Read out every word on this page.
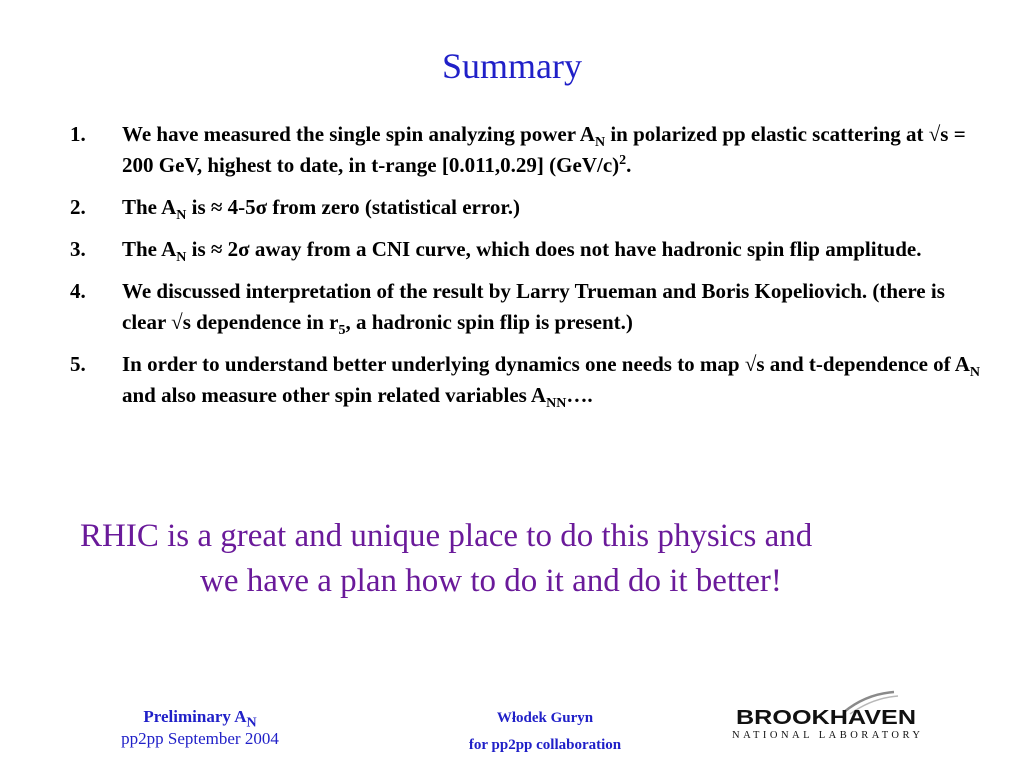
Summary
1.	We have measured the single spin analyzing power $A_N$ in polarized pp elastic scattering at √s = 200 GeV, highest to date, in t-range [0.011,0.29] $(GeV/c)^2$.
2.	The $A_N$ is ≈ 4-5σ from zero (statistical error.)
3.	The $A_N$ is ≈ 2σ away from a CNI curve, which does not have hadronic spin flip amplitude.
4.	We discussed interpretation of the result by Larry Trueman and Boris Kopeliovich. (there is clear √s dependence in $r_5$, a hadronic spin flip is present.)
5.	In order to understand better underlying dynamics one needs to map √s and t-dependence of $A_N$ and also measure other spin related variables $A_{NN}\dots$.
RHIC is a great and unique place to do this physics and
we have a plan how to do it and do it better!
Preliminary $A_N$
pp2pp September 2004
Włodek Guryn
for pp2pp collaboration
BROOKHAVEN
NATIONAL LABORATORY
